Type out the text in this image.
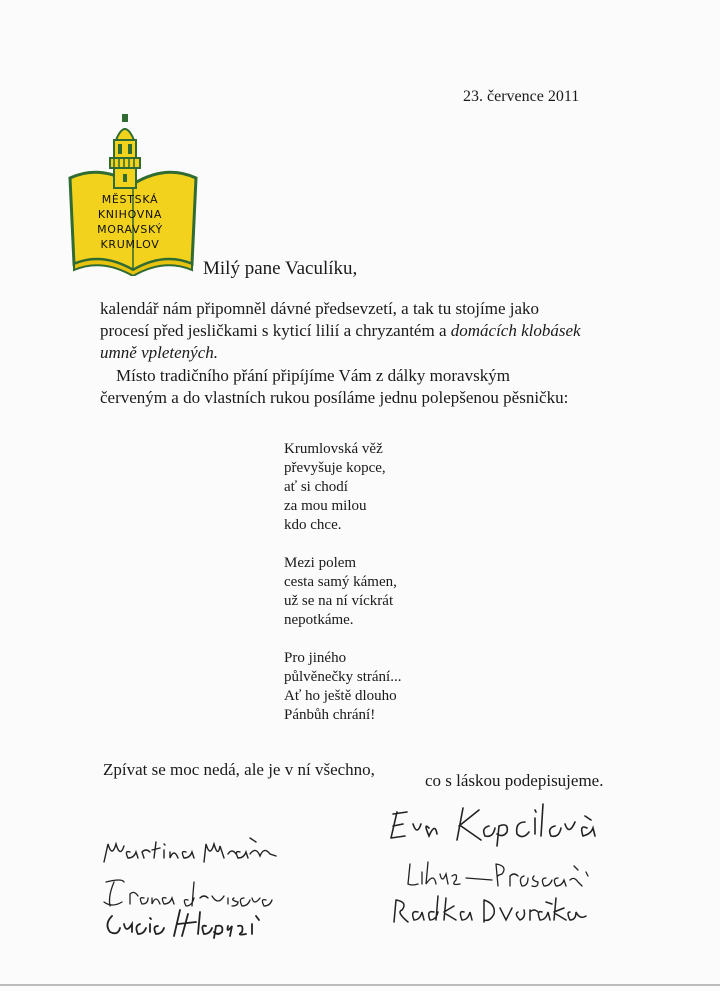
23. července 2011
MĚSTSKÁ
KNIHOVNA
MORAVSKÝ
KRUMLOV
Milý pane Vaculíku,

kalendář nám připomněl dávné předsevzetí, a tak tu stojíme jako

procesí před jesličkami s kyticí lilií a chryzantém a domácích klobásek

umně vpletených.

Místo tradičního přání připíjíme Vám z dálky moravským
červeným a do vlastních rukou posíláme jednu polepšenou pěsničku:
Krumlovská věž
převyšuje kopce,
ať si chodí
za mou milou
kdo chce.
Mezi polem
cesta samý kámen,
už se na ní víckrát
nepotkáme.
Pro jiného
půlvěnečky strání...
Ať ho ještě dlouho
Pánbůh chrání!
Zpívat se moc nedá, ale je v ní všechno,
co s láskou podepisujeme.
